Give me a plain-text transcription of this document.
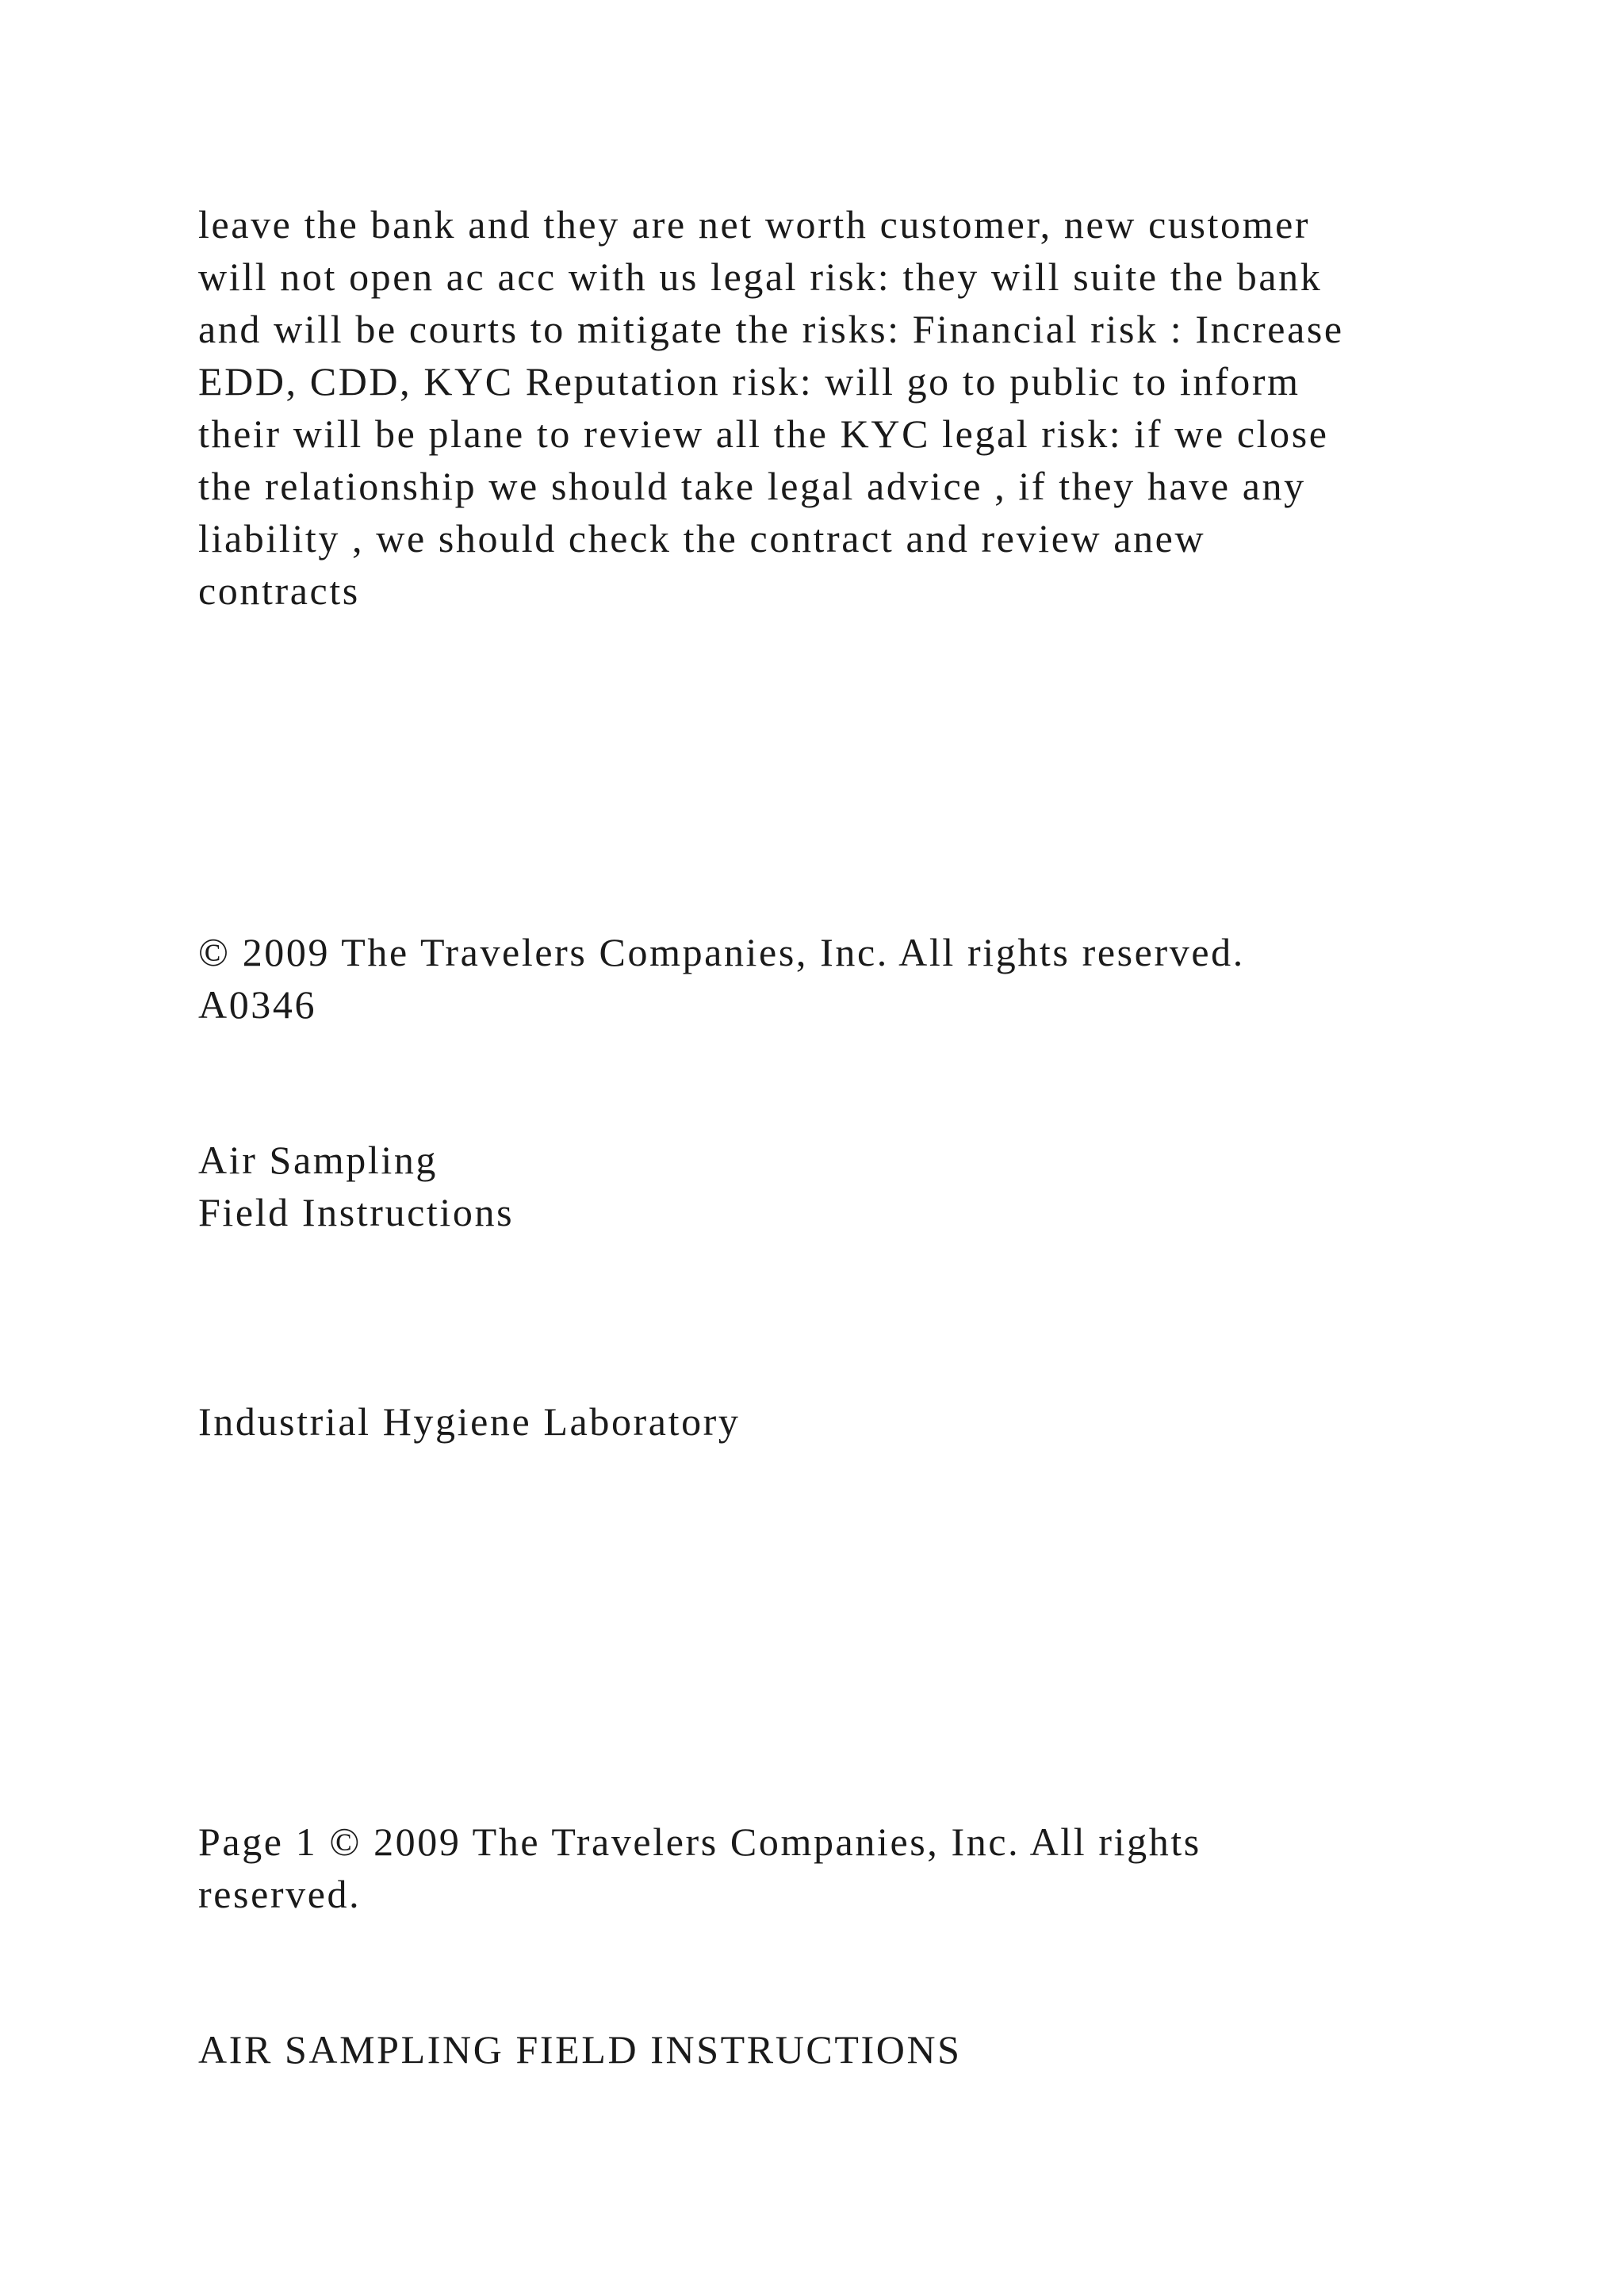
leave the bank and they are net worth customer, new customer
will not open ac acc with us legal risk: they will suite the bank
and will be courts to mitigate the risks: Financial risk : Increase
EDD, CDD, KYC Reputation risk: will go to public to inform
their will be plane to review all the KYC legal risk: if we close
the relationship we should take legal advice , if they have any
liability , we should check the contract and review anew
contracts
© 2009 The Travelers Companies, Inc. All rights reserved.
A0346
Air Sampling
Field Instructions
Industrial Hygiene Laboratory
Page 1 © 2009 The Travelers Companies, Inc. All rights
reserved.
AIR SAMPLING FIELD INSTRUCTIONS
